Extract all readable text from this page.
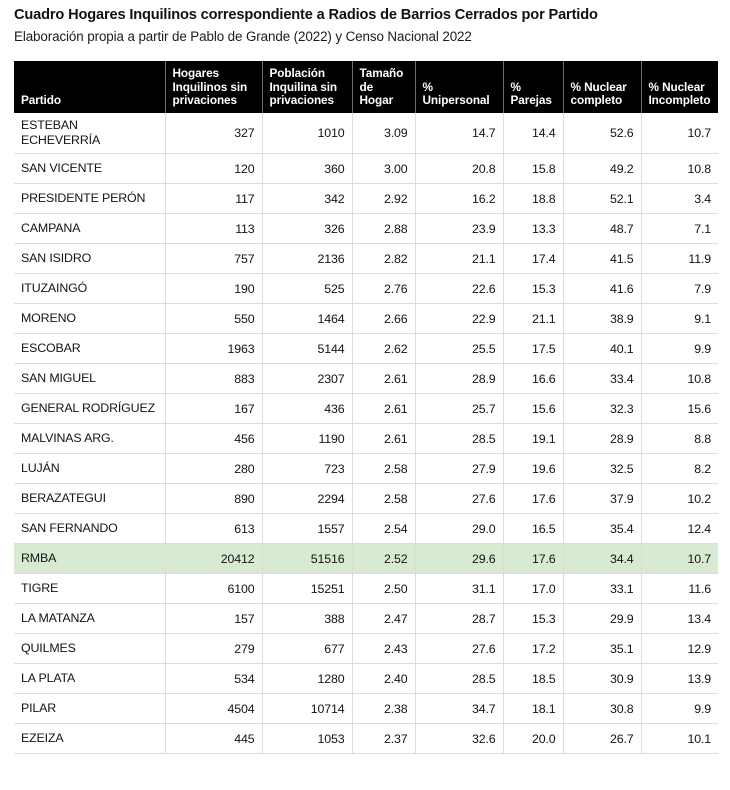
Cuadro Hogares Inquilinos correspondiente a Radios de Barrios Cerrados por Partido
Elaboración propia a partir de Pablo de Grande (2022) y Censo Nacional 2022
Partido	Hogares Inquilinos sin privaciones	Población Inquilina sin privaciones	Tamaño de Hogar	% Unipersonal	% Parejas	% Nuclear completo	% Nuclear Incompleto
ESTEBAN ECHEVERRÍA	327	1010	3.09	14.7	14.4	52.6	10.7
SAN VICENTE	120	360	3.00	20.8	15.8	49.2	10.8
PRESIDENTE PERÓN	117	342	2.92	16.2	18.8	52.1	3.4
CAMPANA	113	326	2.88	23.9	13.3	48.7	7.1
SAN ISIDRO	757	2136	2.82	21.1	17.4	41.5	11.9
ITUZAINGÓ	190	525	2.76	22.6	15.3	41.6	7.9
MORENO	550	1464	2.66	22.9	21.1	38.9	9.1
ESCOBAR	1963	5144	2.62	25.5	17.5	40.1	9.9
SAN MIGUEL	883	2307	2.61	28.9	16.6	33.4	10.8
GENERAL RODRÍGUEZ	167	436	2.61	25.7	15.6	32.3	15.6
MALVINAS ARG.	456	1190	2.61	28.5	19.1	28.9	8.8
LUJÁN	280	723	2.58	27.9	19.6	32.5	8.2
BERAZATEGUI	890	2294	2.58	27.6	17.6	37.9	10.2
SAN FERNANDO	613	1557	2.54	29.0	16.5	35.4	12.4
RMBA	20412	51516	2.52	29.6	17.6	34.4	10.7
TIGRE	6100	15251	2.50	31.1	17.0	33.1	11.6
LA MATANZA	157	388	2.47	28.7	15.3	29.9	13.4
QUILMES	279	677	2.43	27.6	17.2	35.1	12.9
LA PLATA	534	1280	2.40	28.5	18.5	30.9	13.9
PILAR	4504	10714	2.38	34.7	18.1	30.8	9.9
EZEIZA	445	1053	2.37	32.6	20.0	26.7	10.1
